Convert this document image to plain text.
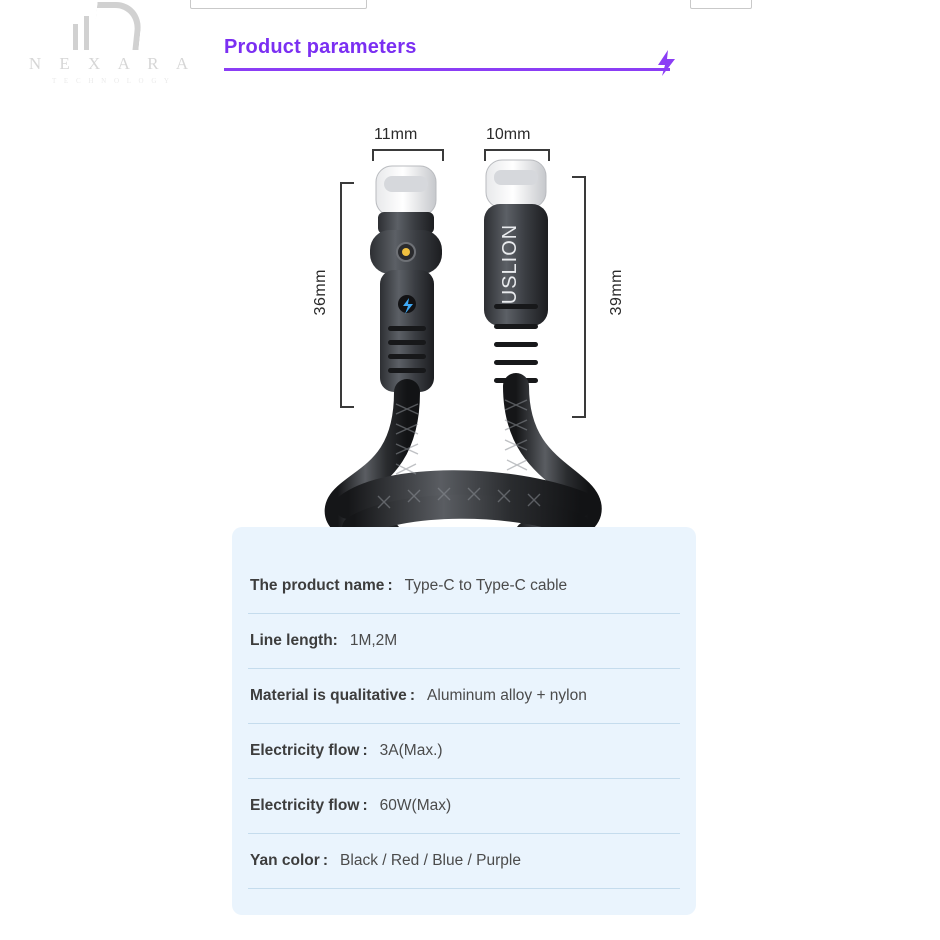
N E X A R A
T E C H N O L O G Y
Product parameters
11mm	10mm
36mm	39mm
USLION
The product name : Type-C to Type-C cable
Line length: 1M,2M
Material is qualitative : Aluminum alloy + nylon
Electricity flow : 3A(Max.)
Electricity flow : 60W(Max)
Yan color : Black / Red / Blue / Purple
